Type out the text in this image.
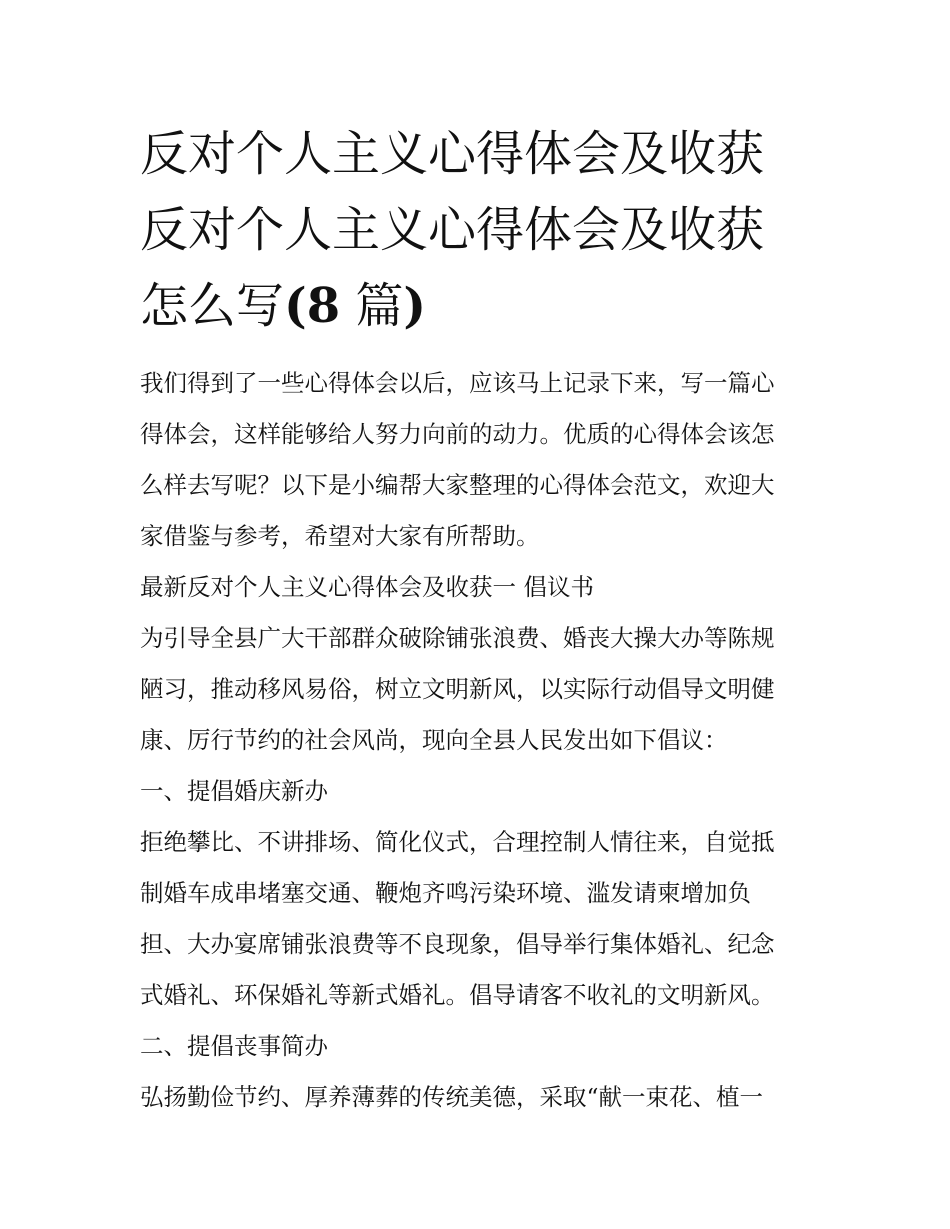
反对个人主义心得体会及收获
反对个人主义心得体会及收获
怎么写(8 篇)

我们得到了一些心得体会以后，应该马上记录下来，写一篇心

得体会，这样能够给人努力向前的动力。优质的心得体会该怎

么样去写呢？以下是小编帮大家整理的心得体会范文，欢迎大

家借鉴与参考，希望对大家有所帮助。

最新反对个人主义心得体会及收获一 倡议书

为引导全县广大干部群众破除铺张浪费、婚丧大操大办等陈规

陋习，推动移风易俗，树立文明新风，以实际行动倡导文明健

康、厉行节约的社会风尚，现向全县人民发出如下倡议：

一、提倡婚庆新办

拒绝攀比、不讲排场、简化仪式，合理控制人情往来，自觉抵

制婚车成串堵塞交通、鞭炮齐鸣污染环境、滥发请柬增加负

担、大办宴席铺张浪费等不良现象，倡导举行集体婚礼、纪念

式婚礼、环保婚礼等新式婚礼。倡导请客不收礼的文明新风。

二、提倡丧事简办

弘扬勤俭节约、厚养薄葬的传统美德，采取“献一束花、植一
